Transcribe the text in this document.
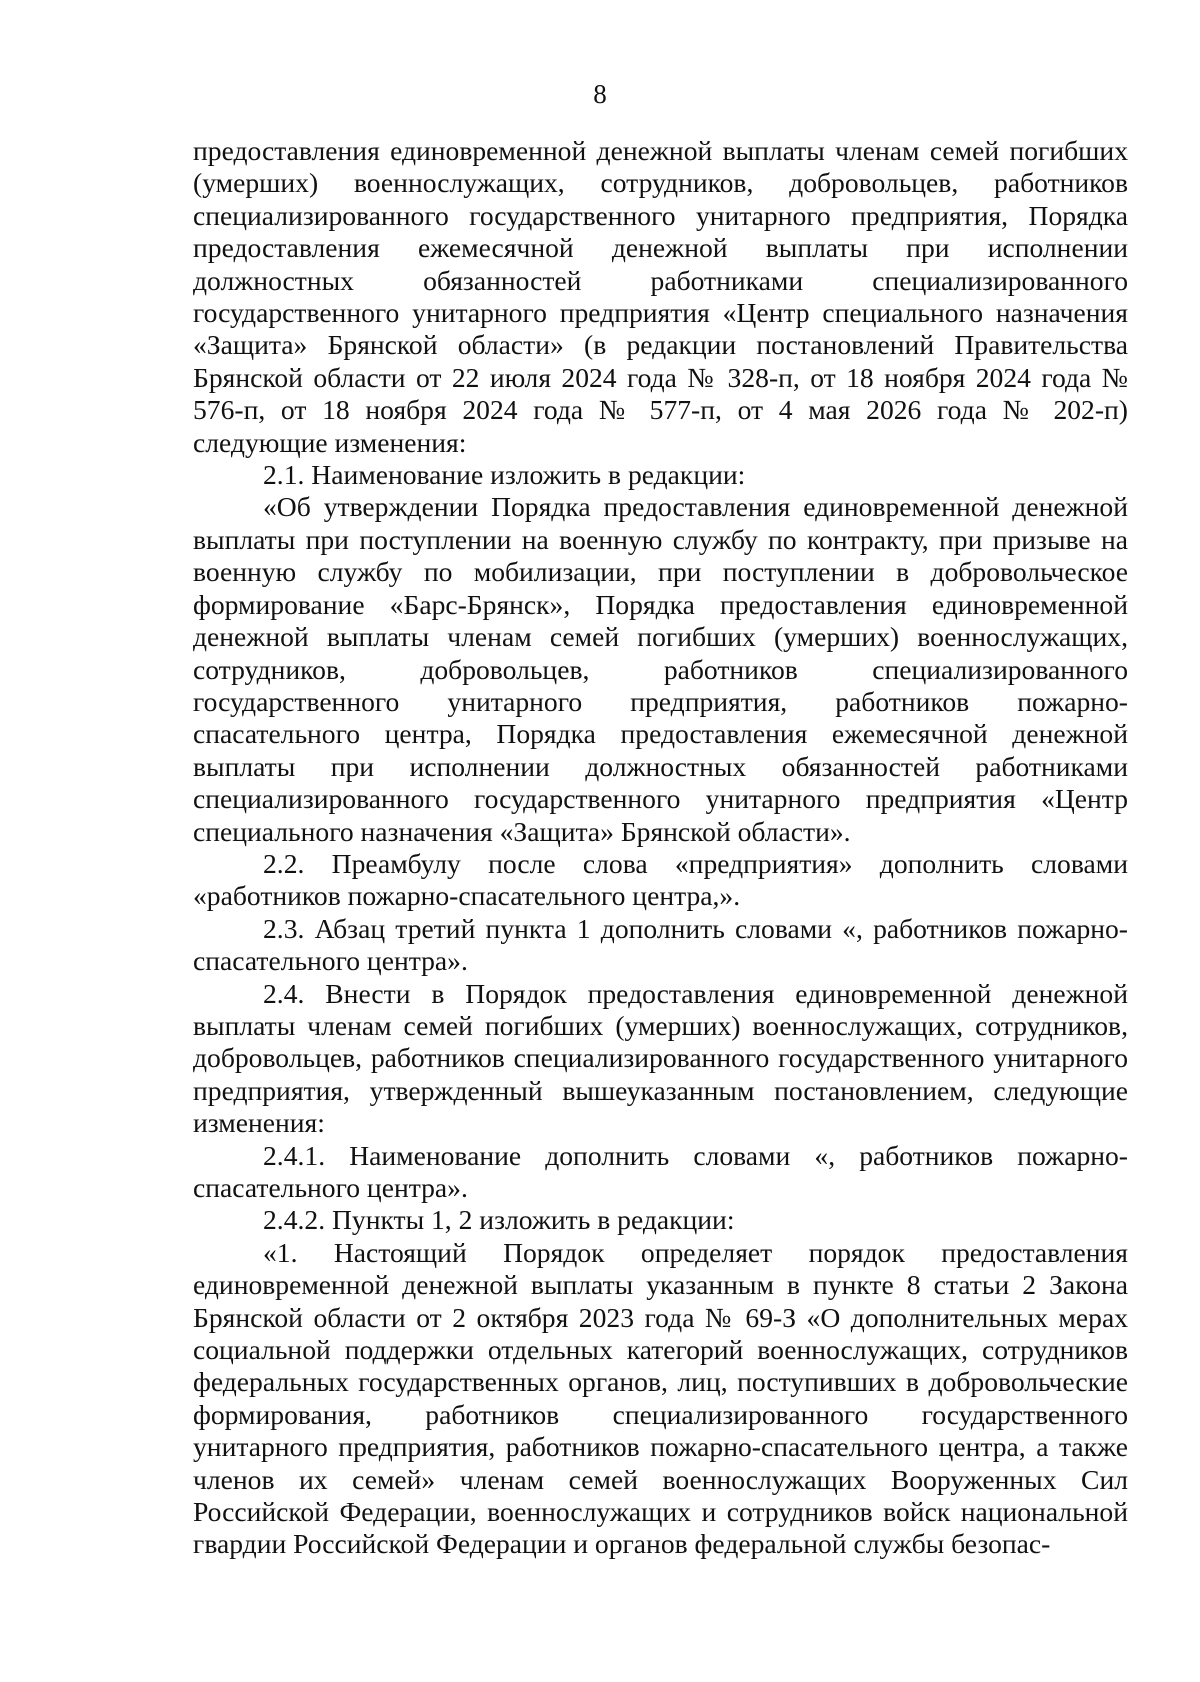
8

предоставления единовременной денежной выплаты членам семей погибших (умерших) военнослужащих, сотрудников, добровольцев, работников специализированного государственного унитарного предприятия, Порядка предоставления ежемесячной денежной выплаты при исполнении должностных обязанностей работниками специализированного государственного унитарного предприятия «Центр специального назначения «Защита» Брянской области» (в редакции постановлений Правительства Брянской области от 22 июля 2024 года № 328-п, от 18 ноября 2024 года № 576-п, от 18 ноября 2024 года № 577-п, от 4 мая 2026 года № 202-п) следующие изменения:

2.1. Наименование изложить в редакции:

«Об утверждении Порядка предоставления единовременной денежной выплаты при поступлении на военную службу по контракту, при призыве на военную службу по мобилизации, при поступлении в добровольческое формирование «Барс-Брянск», Порядка предоставления единовременной денежной выплаты членам семей погибших (умерших) военнослужащих, сотрудников, добровольцев, работников специализированного государственного унитарного предприятия, работников пожарно-спасательного центра, Порядка предоставления ежемесячной денежной выплаты при исполнении должностных обязанностей работниками специализированного государственного унитарного предприятия «Центр специального назначения «Защита» Брянской области».

2.2. Преамбулу после слова «предприятия» дополнить словами «работников пожарно-спасательного центра,».

2.3. Абзац третий пункта 1 дополнить словами «, работников пожарно-спасательного центра».

2.4. Внести в Порядок предоставления единовременной денежной выплаты членам семей погибших (умерших) военнослужащих, сотрудников, добровольцев, работников специализированного государственного унитарного предприятия, утвержденный вышеуказанным постановлением, следующие изменения:

2.4.1. Наименование дополнить словами «, работников пожарно-спасательного центра».

2.4.2. Пункты 1, 2 изложить в редакции:

«1. Настоящий Порядок определяет порядок предоставления единовременной денежной выплаты указанным в пункте 8 статьи 2 Закона Брянской области от 2 октября 2023 года № 69-З «О дополнительных мерах социальной поддержки отдельных категорий военнослужащих, сотрудников федеральных государственных органов, лиц, поступивших в добровольческие формирования, работников специализированного государственного унитарного предприятия, работников пожарно-спасательного центра, а также членов их семей» членам семей военнослужащих Вооруженных Сил Российской Федерации, военнослужащих и сотрудников войск национальной гвардии Российской Федерации и органов федеральной службы безопас-
